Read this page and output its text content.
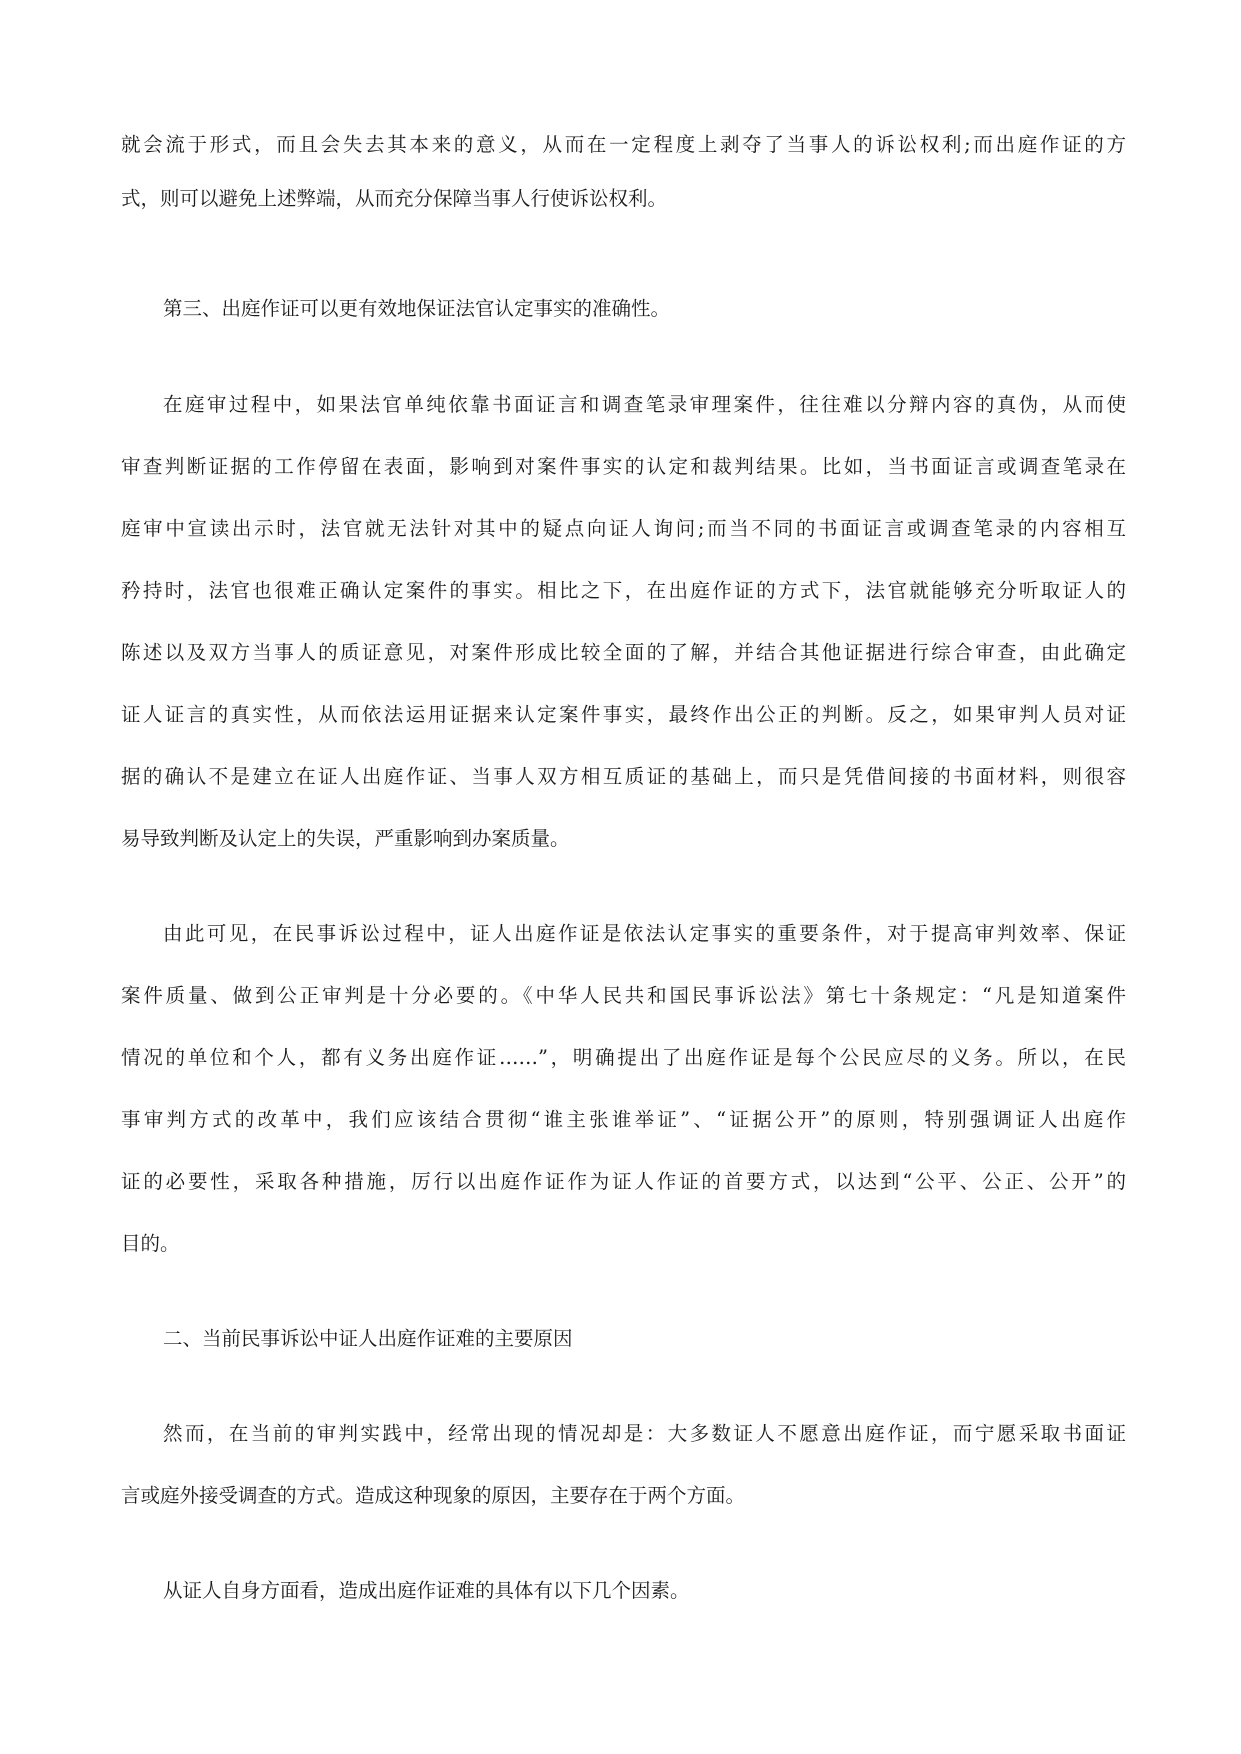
就会流于形式，而且会失去其本来的意义，从而在一定程度上剥夺了当事人的诉讼权利;而出庭作证的方

式，则可以避免上述弊端，从而充分保障当事人行使诉讼权利。

第三、出庭作证可以更有效地保证法官认定事实的准确性。

在庭审过程中，如果法官单纯依靠书面证言和调查笔录审理案件，往往难以分辩内容的真伪，从而使

审查判断证据的工作停留在表面，影响到对案件事实的认定和裁判结果。比如，当书面证言或调查笔录在

庭审中宣读出示时，法官就无法针对其中的疑点向证人询问;而当不同的书面证言或调查笔录的内容相互

矜持时，法官也很难正确认定案件的事实。相比之下，在出庭作证的方式下，法官就能够充分听取证人的

陈述以及双方当事人的质证意见，对案件形成比较全面的了解，并结合其他证据进行综合审查，由此确定

证人证言的真实性，从而依法运用证据来认定案件事实，最终作出公正的判断。反之，如果审判人员对证

据的确认不是建立在证人出庭作证、当事人双方相互质证的基础上，而只是凭借间接的书面材料，则很容

易导致判断及认定上的失误，严重影响到办案质量。

由此可见，在民事诉讼过程中，证人出庭作证是依法认定事实的重要条件，对于提高审判效率、保证

案件质量、做到公正审判是十分必要的。《中华人民共和国民事诉讼法》第七十条规定：“凡是知道案件

情况的单位和个人，都有义务出庭作证……”，明确提出了出庭作证是每个公民应尽的义务。所以，在民

事审判方式的改革中，我们应该结合贯彻“谁主张谁举证”、“证据公开”的原则，特别强调证人出庭作

证的必要性，采取各种措施，厉行以出庭作证作为证人作证的首要方式，以达到“公平、公正、公开”的

目的。

二、当前民事诉讼中证人出庭作证难的主要原因

然而，在当前的审判实践中，经常出现的情况却是：大多数证人不愿意出庭作证，而宁愿采取书面证

言或庭外接受调查的方式。造成这种现象的原因，主要存在于两个方面。

从证人自身方面看，造成出庭作证难的具体有以下几个因素。
